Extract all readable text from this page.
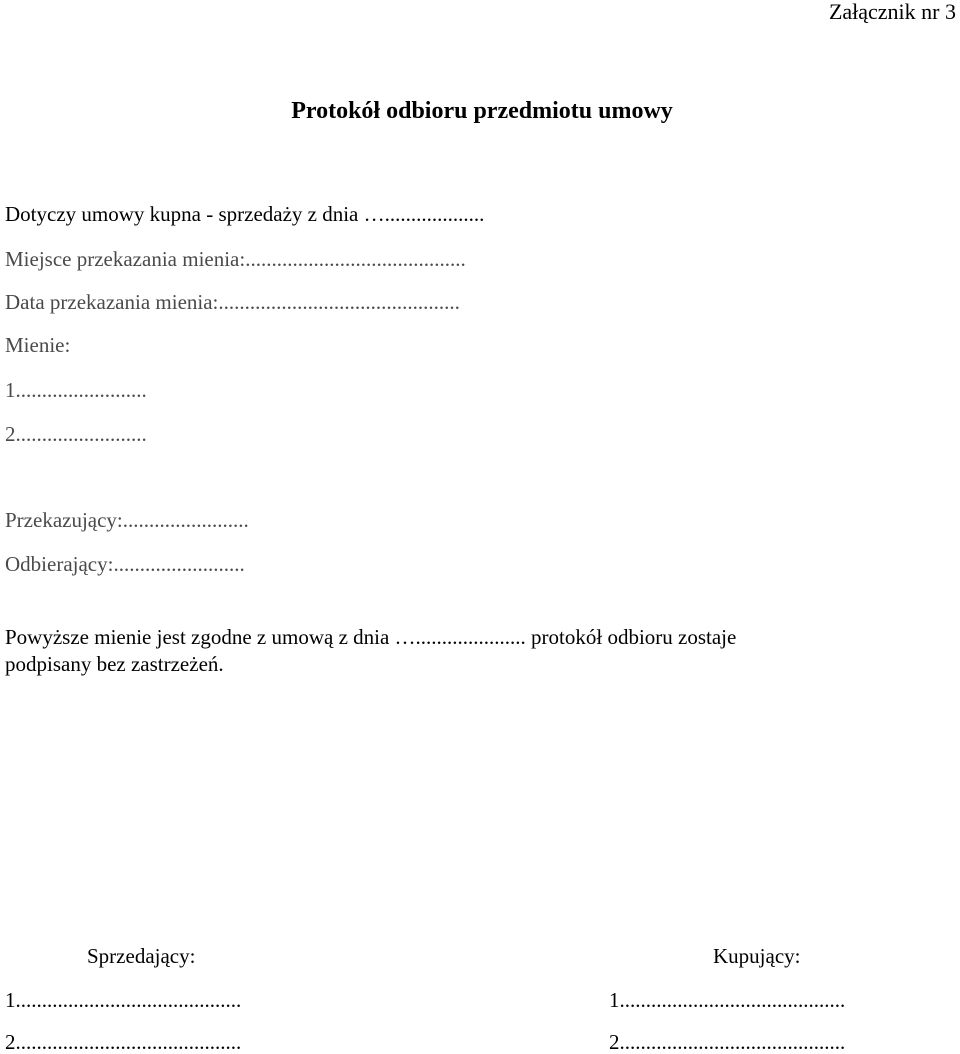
Załącznik nr 3
Protokół odbioru przedmiotu umowy
Dotyczy umowy kupna - sprzedaży z dnia …...................
Miejsce przekazania mienia:..........................................
Data przekazania mienia:..............................................
Mienie:
1.........................
2.........................
Przekazujący:........................
Odbierający:.........................
Powyższe mienie jest zgodne z umową z dnia …..................... protokół odbioru zostaje
podpisany bez zastrzeżeń.
Sprzedający:
1...........................................
2...........................................
Kupujący:
1...........................................
2...........................................
